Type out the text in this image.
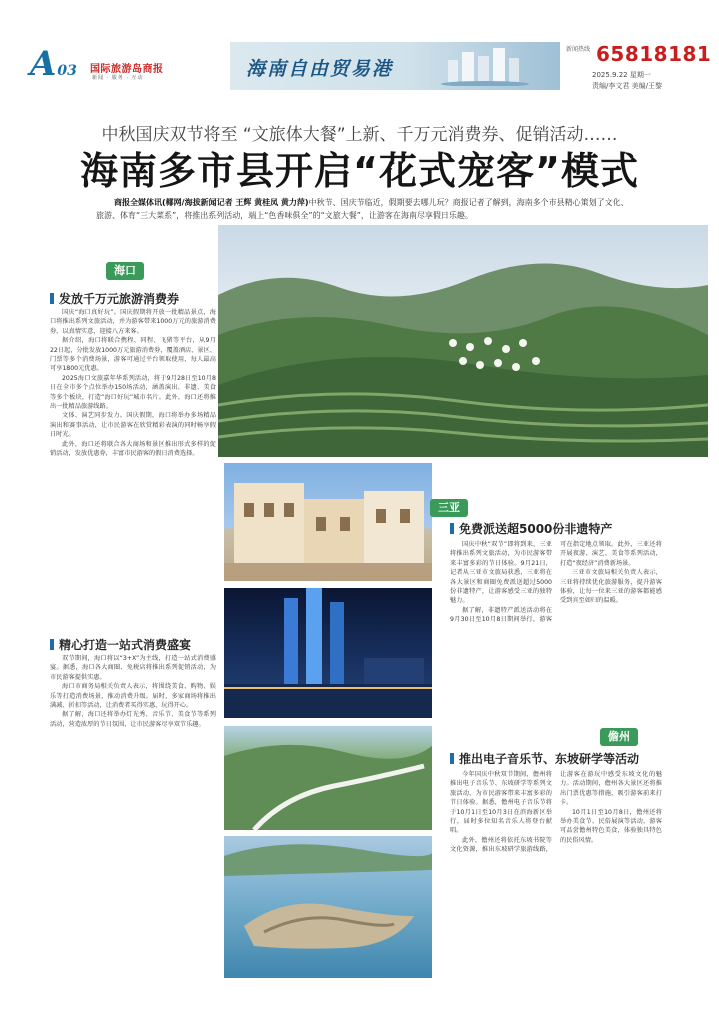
A03 国际旅游岛商报
新闻 · 服务 · 互动	海南自由贸易港
新闻热线 65818181
2025.9.22 星期一
责编/李文君 美编/王黎
中秋国庆双节将至 “文旅体大餐”上新、千万元消费券、促销活动……
海南多市县开启“花式宠客”模式
商报全媒体讯(椰网/海拔新闻记者 王辉 黄桂凤 黄力萍)中秋节、国庆节临近，假期要去哪儿玩？商报记者了解到，海南多个市县精心策划了文化、旅游、体育“三大菜系”，将推出系列活动，端上“色香味俱全”的“文旅大餐”，让游客在海南尽享假日乐趣。
海口
发放千万元旅游消费券

国庆“海口真好玩”。国庆假期将开放一批精品景点，海口将推出系列文旅活动，并为游客带来1000万元的旅游消费券，以真情实意，迎接八方来客。

据介绍，海口将联合携程、同程、飞猪等平台，从9月22日起，分批发放1000万元旅游消费券，覆盖酒店、景区、门票等多个消费场景，游客可通过平台领取使用，每人最高可享1800元优惠。

2025海口文旅嘉年华系列活动，将于9月28日至10月8日在全市多个点位举办150场活动，涵盖演出、非遗、美食等多个板块，打造“海口好玩”城市名片。此外，海口还将推出一批精品旅游线路。

文体、演艺同步发力。国庆假期，海口将举办多场精品演出和赛事活动，让市民游客在欣赏精彩表演的同时畅享假日时光。

此外，海口还将联合各大商场和景区推出形式多样的促销活动，发放优惠券，丰富市民游客的假日消费选择。

精心打造一站式消费盛宴

双节期间，海口将以“3+X”为主线，打造一站式消费盛宴。据悉，海口各大商圈、免税店将推出系列促销活动，为市民游客提供实惠。

海口市商务局相关负责人表示，将围绕美食、购物、娱乐等打造消费场景，推动消费升级。届时，多家商场将推出满减、折扣等活动，让消费者买得实惠、玩得开心。

据了解，海口还将举办灯光秀、音乐节、美食节等系列活动，营造浓厚的节日氛围，让市民游客尽享双节乐趣。

三亚
免费派送超5000份非遗特产

国庆中秋“双节”即将到来，三亚将推出系列文旅活动，为市民游客带来丰富多彩的节日体验。9月21日，记者从三亚市文旅局获悉，三亚将在各大景区和商圈免费派送超过5000份非遗特产，让游客感受三亚的独特魅力。

据了解，非遗特产派送活动将在9月30日至10月8日期间举行，游客可在指定地点领取。此外，三亚还将开展夜游、演艺、美食等系列活动，打造“夜经济”消费新场景。

三亚市文旅局相关负责人表示，三亚将持续优化旅游服务，提升游客体验，让每一位来三亚的游客都能感受到宾至如归的温暖。

儋州
推出电子音乐节、东坡研学等活动

今年国庆中秋双节期间，儋州将推出电子音乐节、东坡研学等系列文旅活动，为市民游客带来丰富多彩的节日体验。据悉，儋州电子音乐节将于10月1日至10月3日在滨海新区举行，届时多位知名音乐人将登台献唱。

此外，儋州还将依托东坡书院等文化资源，推出东坡研学旅游线路，让游客在游玩中感受东坡文化的魅力。活动期间，儋州各大景区还将推出门票优惠等措施，吸引游客前来打卡。

10月1日至10月8日，儋州还将举办美食节、民俗展演等活动，游客可品尝儋州特色美食，体验独具特色的民俗风情。
